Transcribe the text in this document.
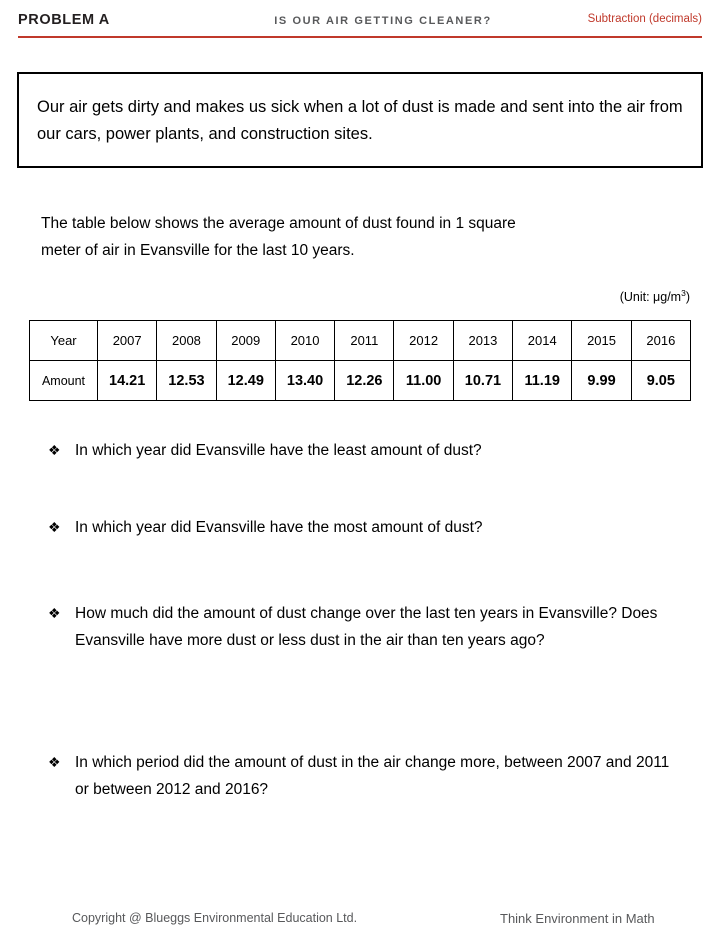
PROBLEM A	IS OUR AIR GETTING CLEANER?	Subtraction (decimals)
Our air gets dirty and makes us sick when a lot of dust is made and sent into the air from our cars, power plants, and construction sites.
The table below shows the average amount of dust found in 1 square
meter of air in Evansville for the last 10 years.
(Unit: $\mu g/m^3$)
Year	2007	2008	2009	2010	2011	2012	2013	2014	2015	2016
Amount	14.21	12.53	12.49	13.40	12.26	11.00	10.71	11.19	9.99	9.05
❖ In which year did Evansville have the least amount of dust?
❖ In which year did Evansville have the most amount of dust?
❖ How much did the amount of dust change over the last ten years in Evansville? Does Evansville have more dust or less dust in the air than ten years ago?
❖ In which period did the amount of dust in the air change more, between 2007 and 2011 or between 2012 and 2016?
Copyright @ Blueggs Environmental Education Ltd.	Think Environment in Math
